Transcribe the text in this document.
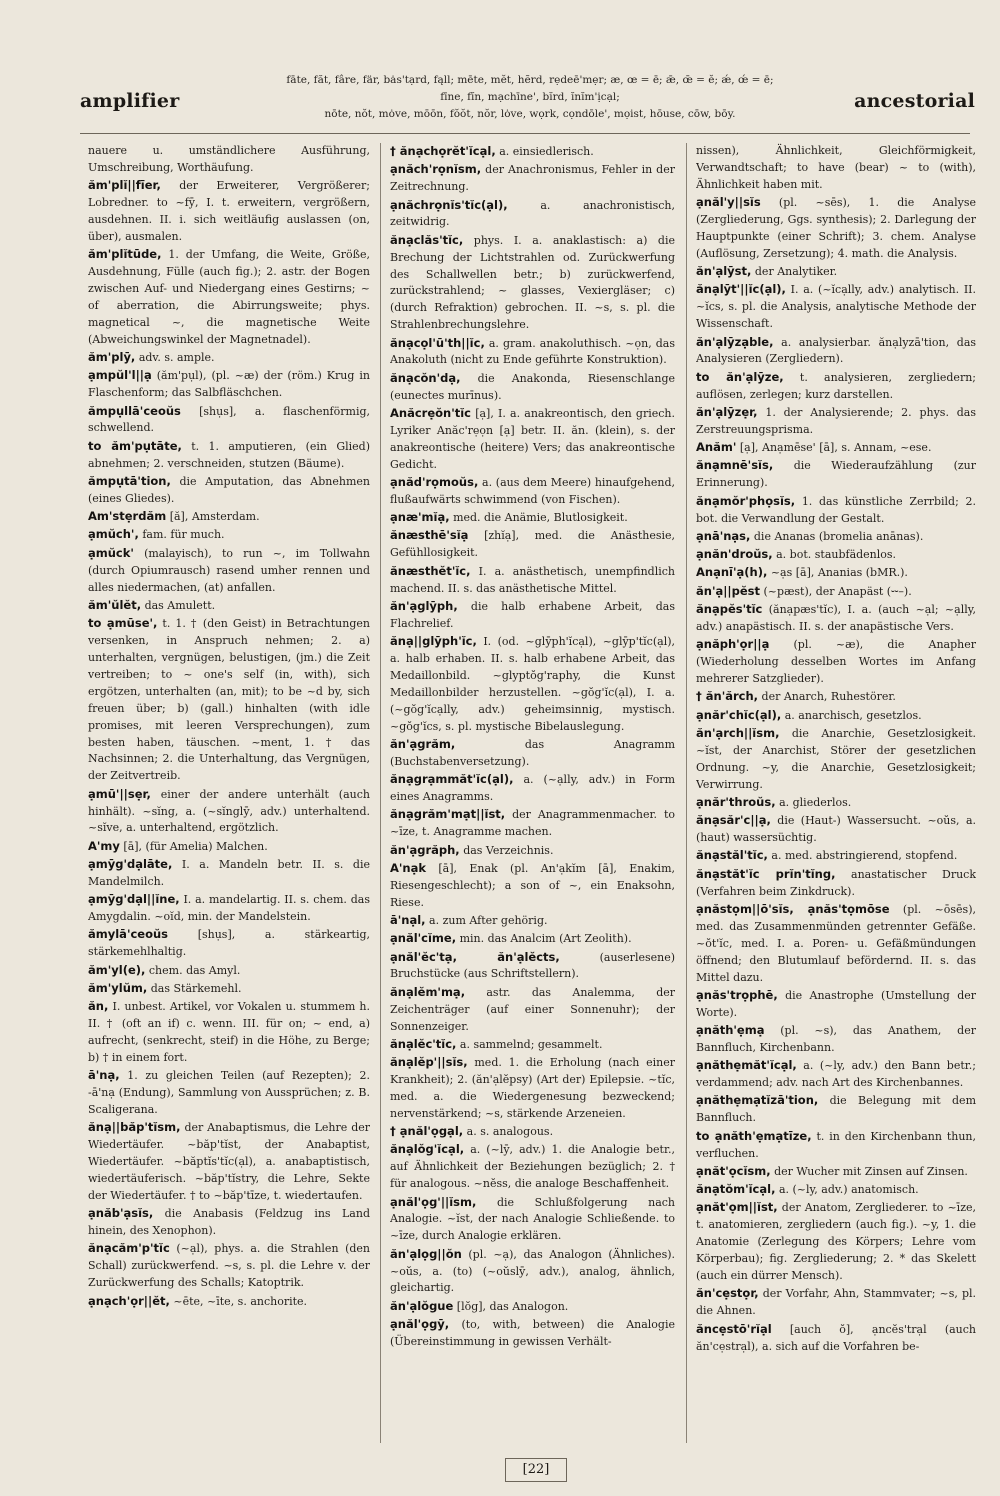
amplifier
fāte, făt, fâre, fär, bȧs'tạrd, fąll; mēte, mĕt, hẽrd, rẹdeē'mẹr; æ, œ = ē; ǣ, œ̄ = ĕ; ǽ, œ́ = ē;
fīne, fĭn, mạchīne', bĭrd, ĭnĭm'ịcạl;
nōte, nŏt, mȯve, mōōn, fŏŏt, nŏr, lȯve, wọrk, cọndōle', mọist, hōuse, cōw, bōy.
ancestorial

nauere u. umständlichere Ausführung, Umschreibung, Worthäufung.

ăm'plĭ||fīer, der Erweiterer, Vergrößerer; Lobredner. to ~fȳ, I. t. erweitern, vergrößern, ausdehnen. II. i. sich weitläufig auslassen (on, über), ausmalen.

ăm'plĭtūde, 1. der Umfang, die Weite, Größe, Ausdehnung, Fülle (auch fig.); 2. astr. der Bogen zwischen Auf- und Niedergang eines Gestirns; ~ of aberration, die Abirrungsweite; phys. magnetical ~, die magnetische Weite (Abweichungswinkel der Magnetnadel).

ăm'plȳ, adv. s. ample.

ạmpŭl'l||ạ (ăm'pụl), (pl. ~æ) der (röm.) Krug in Flaschenform; das Salbfläschchen.

ămpụllā'ceoŭs [shụs], a. flaschenförmig, schwellend.

to ăm'pụtāte, t. 1. amputieren, (ein Glied) abnehmen; 2. verschneiden, stutzen (Bäume).

ămpụtā'tion, die Amputation, das Abnehmen (eines Gliedes).

Am'stẹrdăm [ă], Amsterdam.

ạmŭch', fam. für much.

ạmŭck' (malayisch), to run ~, im Tollwahn (durch Opiumrausch) rasend umher rennen und alles niedermachen, (at) anfallen.

ăm'ŭlĕt, das Amulett.

to ạmūse', t. 1. † (den Geist) in Betrachtungen versenken, in Anspruch nehmen; 2. a) unterhalten, vergnügen, belustigen, (jm.) die Zeit vertreiben; to ~ one's self (in, with), sich ergötzen, unterhalten (an, mit); to be ~d by, sich freuen über; b) (gall.) hinhalten (with idle promises, mit leeren Versprechungen), zum besten haben, täuschen. ~ment, 1. † das Nachsinnen; 2. die Unterhaltung, das Vergnügen, der Zeitvertreib.

ạmū'||sẹr, einer der andere unterhält (auch hinhält). ~sĭng, a. (~sĭnglȳ, adv.) unterhaltend. ~sĭve, a. unterhaltend, ergötzlich.

A'my [ā], (für Amelia) Malchen.

ạmȳg'dạlāte, I. a. Mandeln betr. II. s. die Mandelmilch.

ạmȳg'dạl||ĭne, I. a. mandelartig. II. s. chem. das Amygdalin. ~oĭd, min. der Mandelstein.

ămylā'ceoŭs	[shụs], a. stärkeartig, stärkemehlhaltig.

ăm'yl(e), chem. das Amyl.

ăm'ylŭm, das Stärkemehl.

ăn, I. unbest. Artikel, vor Vokalen u. stummem h. II. † (oft an if) c. wenn. III. für on; ~ end, a) aufrecht, (senkrecht, steif) in die Höhe, zu Berge; b) † in einem fort.

ā'nạ, 1. zu gleichen Teilen (auf Rezepten); 2. -ā'nạ (Endung), Sammlung von Aussprüchen; z. B. Scaligerana.

ănạ||băp'tĭsm, der Anabaptismus, die Lehre der Wiedertäufer. ~băp'tĭst, der Anabaptist, Wiedertäufer. ~băptĭs'tĭc(ạl), a. anabaptistisch, wiedertäuferisch. ~băp'tĭstry, die Lehre, Sekte der Wiedertäufer. † to ~băp'tīze, t. wiedertaufen.

ạnăb'ạsĭs, die Anabasis (Feldzug ins Land hinein, des Xenophon).

ănạcăm'p'tĭc (~ạl), phys. a. die Strahlen (den Schall) zurückwerfend. ~s, s. pl. die Lehre v. der Zurückwerfung des Schalls; Katoptrik.

ạnạch'ọr||ĕt, ~ēte, ~īte, s. anchorite.

† ănạchọrĕt'ĭcạl, a. einsiedlerisch.

ạnăch'rọnĭsm, der Anachronismus, Fehler in der Zeitrechnung.

ạnăchrọnĭs'tĭc(ạl),	a. anachronistisch, zeitwidrig.

ănạclăs'tĭc, phys. I. a. anaklastisch: a) die Brechung der Lichtstrahlen od. Zurückwerfung des Schallwellen betr.; b) zurückwerfend, zurückstrahlend; ~ glasses, Vexiergläser; c) (durch Refraktion) gebrochen. II. ~s, s. pl. die Strahlenbrechungslehre.

ănạcọl'ū'th||ĭc, a. gram. anakoluthisch. ~ọn, das Anakoluth (nicht zu Ende geführte Konstruktion).

ănạcŏn'dạ, die Anakonda, Riesenschlange (eunectes murīnus).

Anăcrẹŏn'tĭc [ạ], I. a. anakreontisch, den griech. Lyriker Anăc'rẹọn [ạ] betr. II. ăn. (klein), s. der anakreontische (heitere) Vers; das anakreontische Gedicht.

ạnăd'rọmoŭs, a. (aus dem Meere) hinaufgehend, flußaufwärts schwimmend (von Fischen).

ạnæ'mĭạ, med. die Anämie, Blutlosigkeit.

ănæsthē'sĭạ [zhĭạ], med. die Anästhesie, Gefühllosigkeit.

ănæsthĕt'ĭc, I. a. anästhetisch, unempfindlich machend. II. s. das anästhetische Mittel.

ăn'ạglȳph, die halb erhabene Arbeit, das Flachrelief.

ănạ||glȳph'ĭc, I. (od. ~glȳph'ĭcạl), ~glȳp'tĭc(ạl), a. halb erhaben. II. s. halb erhabene Arbeit, das Medaillonbild. ~glyptŏg'raphy, die Kunst Medaillonbilder herzustellen. ~gŏg'ĭc(ạl), I. a. (~gŏg'ĭcạlly, adv.) geheimsinnig, mystisch. ~gŏg'ĭcs, s. pl. mystische Bibelauslegung.

ăn'ạgrăm,	das Anagramm (Buchstabenversetzung).

ănạgrạmmăt'ĭc(ạl), a. (~ạlly, adv.) in Form eines Anagramms.

ănạgrăm'mạt||ĭst, der Anagrammenmacher. to ~īze, t. Anagramme machen.

ăn'ạgrăph, das Verzeichnis.

A'nạk [ā], Enak (pl. An'ạkĭm [ā], Enakim, Riesengeschlecht); a son of ~, ein Enaksohn, Riese.

ā'nạl, a. zum After gehörig.

ạnăl'cĭme, min. das Analcim (Art Zeolith).

ạnăl'ĕc'tạ, ăn'ạlĕcts,	(auserlesene) Bruchstücke (aus Schriftstellern).

ănạlĕm'mạ, astr. das Analemma, der Zeichenträger (auf einer Sonnenuhr); der Sonnenzeiger.

ănạlĕc'tĭc, a. sammelnd; gesammelt.

ănạlĕp'||sĭs, med. 1. die Erholung (nach einer Krankheit); 2. (ăn'ạlĕpsy) (Art der) Epilepsie. ~tĭc, med. a. die Wiedergenesung bezweckend; nervenstärkend; ~s, stärkende Arzeneien.

† ạnăl'ọgạl, a. s. analogous.

ănạlŏg'ĭcạl, a. (~lȳ, adv.) 1. die Analogie betr., auf Ähnlichkeit der Beziehungen bezüglich; 2. † für analogous. ~nĕss, die analoge Beschaffenheit.

ạnăl'ọg'||ĭsm, die Schlußfolgerung nach Analogie. ~ĭst, der nach Analogie Schließende. to ~īze, durch Analogie erklären.

ăn'ạlọg||ŏn (pl. ~ạ), das Analogon (Ähnliches). ~oŭs, a. (to) (~oŭslȳ, adv.), analog, ähnlich, gleichartig.

ăn'ạlŏgue [lŏg], das Analogon.

ạnăl'ọgȳ, (to, with, between) die Analogie (Übereinstimmung in gewissen Verhält-

nissen), Ähnlichkeit, Gleichförmigkeit, Verwandtschaft; to have (bear) ~ to (with), Ähnlichkeit haben mit.

ạnăl'y||sĭs (pl. ~sēs), 1. die Analyse (Zergliederung, Ggs. synthesis); 2. Darlegung der Hauptpunkte (einer Schrift); 3. chem. Analyse (Auflösung, Zersetzung); 4. math. die Analysis.

ăn'ạlȳst, der Analytiker.

ănạlȳt'||ĭc(ạl), I. a. (~ĭcạlly, adv.) analytisch. II. ~ĭcs, s. pl. die Analysis, analytische Methode der Wissenschaft.

ăn'ạlȳzạble, a. analysierbar. ănạlyzā'tion, das Analysieren (Zergliedern).

to ăn'ạlȳze, t. analysieren, zergliedern; auflösen, zerlegen; kurz darstellen.

ăn'ạlȳzẹr, 1. der Analysierende; 2. phys. das Zerstreuungsprisma.

Anăm' [ạ], Anạmēse' [ā], s. Annam, ~ese.

ănạmnē'sĭs, die Wiederaufzählung (zur Erinnerung).

ănạmŏr'phọsĭs, 1. das künstliche Zerrbild; 2. bot. die Verwandlung der Gestalt.

ạnā'nạs, die Ananas (bromelia anānas).

ạnăn'droŭs, a. bot. staubfädenlos.

Anạnī'ạ(h), ~ạs [ā], Ananias (bMR.).

ăn'ạ||pĕst (~pæst), der Anapäst (⏑⏑–).

ănạpĕs'tĭc (ănạpæs'tĭc), I. a. (auch ~ạl; ~ạlly, adv.) anapästisch. II. s. der anapästische Vers.

ạnăph'ọr||ạ (pl. ~æ), die Anapher (Wiederholung desselben Wortes im Anfang mehrerer Satzglieder).

† ăn'ărch, der Anarch, Ruhestörer.

ạnăr'chĭc(ạl), a. anarchisch, gesetzlos.

ăn'ạrch||ĭsm, die Anarchie, Gesetzlosigkeit. ~ĭst, der Anarchist, Störer der gesetzlichen Ordnung. ~y, die Anarchie, Gesetzlosigkeit; Verwirrung.

ạnăr'throŭs, a. gliederlos.

ănạsăr'c||ạ, die (Haut-) Wassersucht. ~oŭs, a. (haut) wassersüchtig.

ănạstăl'tĭc, a. med. abstringierend, stopfend.

ănạstăt'ĭc prĭn'tĭng, anastatischer Druck (Verfahren beim Zinkdruck).

ạnăstọm||ō'sĭs, ạnăs'tọmōse (pl. ~ōsēs), med. das Zusammenmünden getrennter Gefäße. ~ŏt'ĭc, med. I. a. Poren- u. Gefäßmündungen öffnend; den Blutumlauf befördernd. II. s. das Mittel dazu.

ạnăs'trọphē, die Anastrophe (Umstellung der Worte).

ạnăth'ẹmạ (pl. ~s), das Anathem, der Bannfluch, Kirchenbann.

ạnăthẹmăt'ĭcạl, a. (~ly, adv.) den Bann betr.; verdammend; adv. nach Art des Kirchenbannes.

ạnăthẹmạtĭzā'tion, die Belegung mit dem Bannfluch.

to ạnăth'ẹmạtīze, t. in den Kirchenbann thun, verfluchen.

ạnăt'ọcĭsm, der Wucher mit Zinsen auf Zinsen.

ănạtŏm'ĭcạl, a. (~ly, adv.) anatomisch.

ạnăt'ọm||ĭst, der Anatom, Zergliederer. to ~īze, t. anatomieren, zergliedern (auch fig.). ~y, 1. die Anatomie (Zerlegung des Körpers; Lehre vom Körperbau); fig. Zergliederung; 2. * das Skelett (auch ein dürrer Mensch).

ăn'cẹstọr, der Vorfahr, Ahn, Stammvater; ~s, pl. die Ahnen.

ăncẹstō'rĭạl [auch ŏ], ạncĕs'trạl (auch ăn'cẹstrạl), a. sich auf die Vorfahren be-

[22]
